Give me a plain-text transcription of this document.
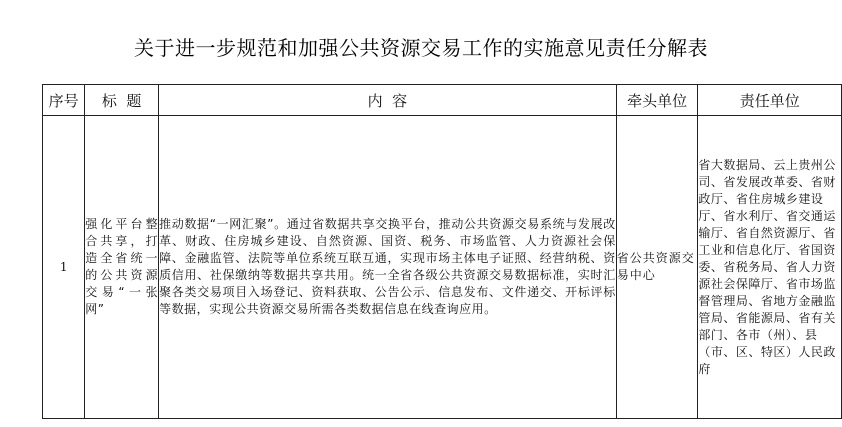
关于进一步规范和加强公共资源交易工作的实施意见责任分解表
序号	标  题	内  容	牵头单位	责任单位
1	强化平台整合共享，打造全省统一的公共资源交易“一张网”	推动数据“一网汇聚”。通过省数据共享交换平台，推动公共资源交易系统与发展改革、财政、住房城乡建设、自然资源、国资、税务、市场监管、人力资源社会保障、金融监管、法院等单位系统互联互通，实现市场主体电子证照、经营纳税、资质信用、社保缴纳等数据共享共用。统一全省各级公共资源交易数据标准，实时汇聚各类交易项目入场登记、资料获取、公告公示、信息发布、文件递交、开标评标等数据，实现公共资源交易所需各类数据信息在线查询应用。	省公共资源交易中心	省大数据局、云上贵州公司、省发展改革委、省财政厅、省住房城乡建设厅、省水利厅、省交通运输厅、省自然资源厅、省工业和信息化厅、省国资委、省税务局、省人力资源社会保障厅、省市场监督管理局、省地方金融监管局、省能源局、省有关部门、各市（州）、县（市、区、特区）人民政府
